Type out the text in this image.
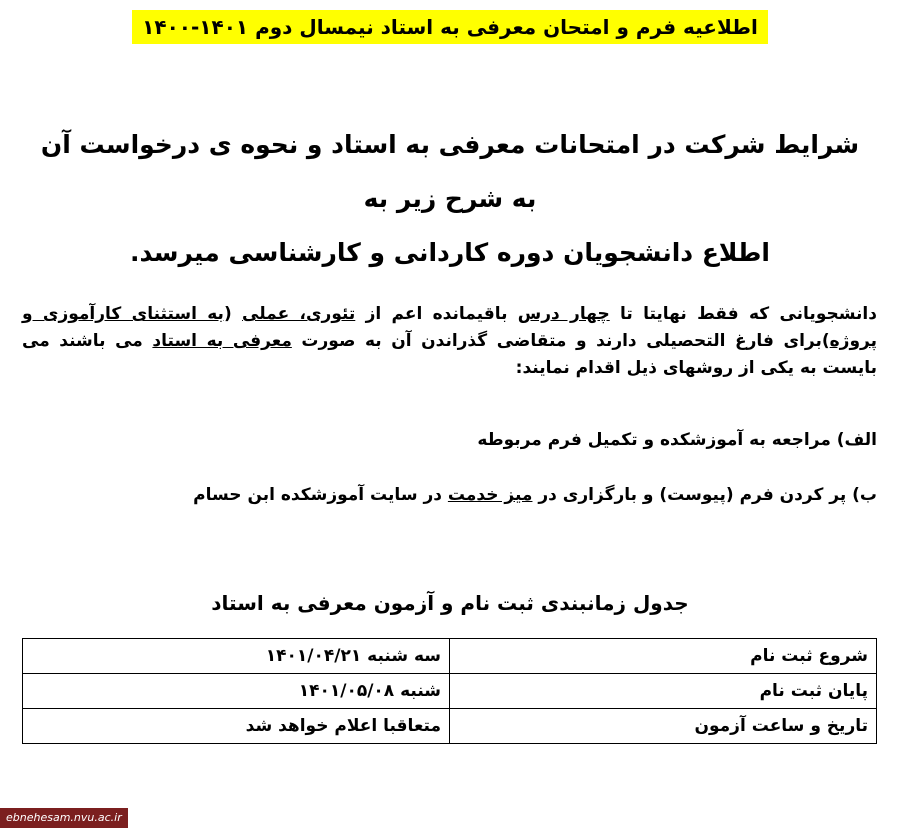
اطلاعیه فرم و امتحان معرفی به استاد نیمسال دوم ۱۴۰۱-۱۴۰۰
شرایط شرکت در امتحانات معرفی به استاد و نحوه ی درخواست آن به شرح زیر به
اطلاع دانشجویان دوره کاردانی و کارشناسی میرسد.
دانشجویانی که فقط نهایتا تا چهار درس باقیمانده اعم از تئوری، عملی (به استثنای کارآموزی و پروژه)برای فارغ التحصیلی دارند و متقاضی گذراندن آن به صورت معرفی به استاد می باشند می بایست به یکی از روشهای ذیل اقدام نمایند:
الف) مراجعه به آموزشکده و تکمیل فرم مربوطه
ب) پر کردن فرم (پیوست) و بارگزاری در میز خدمت در سایت آموزشکده ابن حسام
جدول زمانبندی ثبت نام و آزمون معرفی به استاد
شروع ثبت نام	سه شنبه ۱۴۰۱/۰۴/۲۱
پایان ثبت نام	شنبه ۱۴۰۱/۰۵/۰۸
تاریخ و ساعت آزمون	متعاقبا اعلام خواهد شد
ebnehesam.nvu.ac.ir
